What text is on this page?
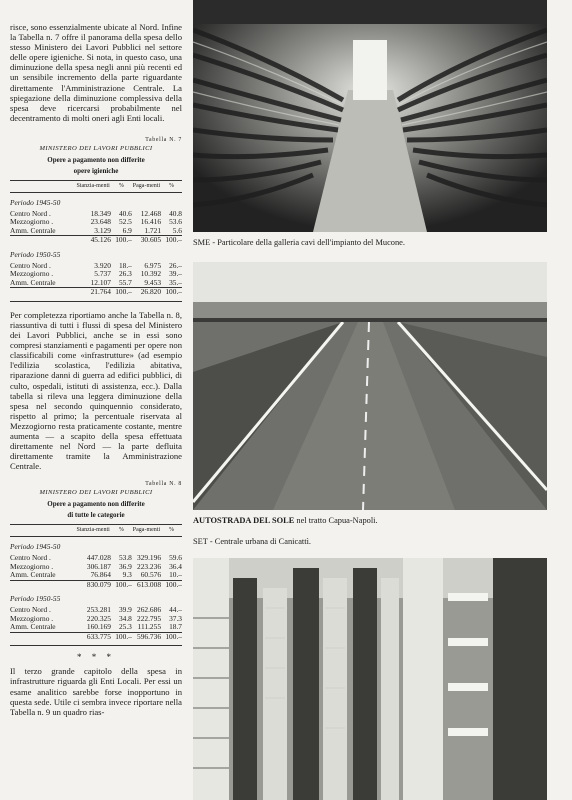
risce, sono essenzialmente ubicate al Nord. Infine la Tabella n. 7 offre il panorama della spesa dello stesso Ministero dei Lavori Pubblici nel settore delle opere igieniche. Si nota, in questo caso, una diminuzione della spesa negli anni più recenti ed un sensibile incremento della parte riguardante direttamente l'Amministrazione Centrale. La spiegazione della diminuzione complessiva della spesa deve ricercarsi probabilmente nel decentramento di molti oneri agli Enti locali.

Tabella N. 7
MINISTERO DEI LAVORI PUBBLICI
Opere a pagamento non differite
opere igieniche
	Stanzia-menti	%	Paga-menti	%
Periodo 1945-50				
Centro Nord .	18.349	40.6	12.468	40.8
Mezzogiorno .	23.648	52.5	16.416	53.6
Amm. Centrale	3.129	6.9	1.721	5.6
	45.126	100.–	30.605	100.–
Periodo 1950-55				
Centro Nord .	3.920	18.–	6.975	26.–
Mezzogiorno .	5.737	26.3	10.392	39.–
Amm. Centrale	12.107	55.7	9.453	35.–
	21.764	100.–	26.820	100.–

Per completezza riportiamo anche la Tabella n. 8, riassuntiva di tutti i flussi di spesa del Ministero dei Lavori Pubblici, anche se in essi sono compresi stanziamenti e pagamenti per opere non classificabili come «infrastrutture» (ad esempio l'edilizia scolastica, l'edilizia abitativa, riparazione danni di guerra ad edifici pubblici, di culto, ospedali, istituti di assistenza, ecc.). Dalla tabella si rileva una leggera diminuzione della spesa nel secondo quinquennio considerato, rispetto al primo; la percentuale riservata al Mezzogiorno resta praticamente costante, mentre aumenta — a scapito della spesa effettuata direttamente nel Nord — la parte defluita direttamente tramite la Amministrazione Centrale.

Tabella N. 8
MINISTERO DEI LAVORI PUBBLICI
Opere a pagamento non differite
di tutte le categorie
	Stanzia-menti	%	Paga-menti	%
Periodo 1945-50				
Centro Nord .	447.028	53.8	329.196	59.6
Mezzogiorno .	306.187	36.9	223.236	36.4
Amm. Centrale	76.864	9.3	60.576	10.–
	830.079	100.–	613.008	100.–
Periodo 1950-55				
Centro Nord .	253.281	39.9	262.686	44.–
Mezzogiorno .	220.325	34.8	222.795	37.3
Amm. Centrale	160.169	25.3	111.255	18.7
	633.775	100.–	596.736	100.–
* * *

Il terzo grande capitolo della spesa in infrastrutture riguarda gli Enti Locali. Per essi un esame analitico sarebbe forse inopportuno in questa sede. Utile ci sembra invece riportare nella Tabella n. 9 un quadro rias-

SME - Particolare della galleria cavi dell'impianto del Mucone.
AUTOSTRADA DEL SOLE nel tratto Capua-Napoli.
SET - Centrale urbana di Canicattì.
